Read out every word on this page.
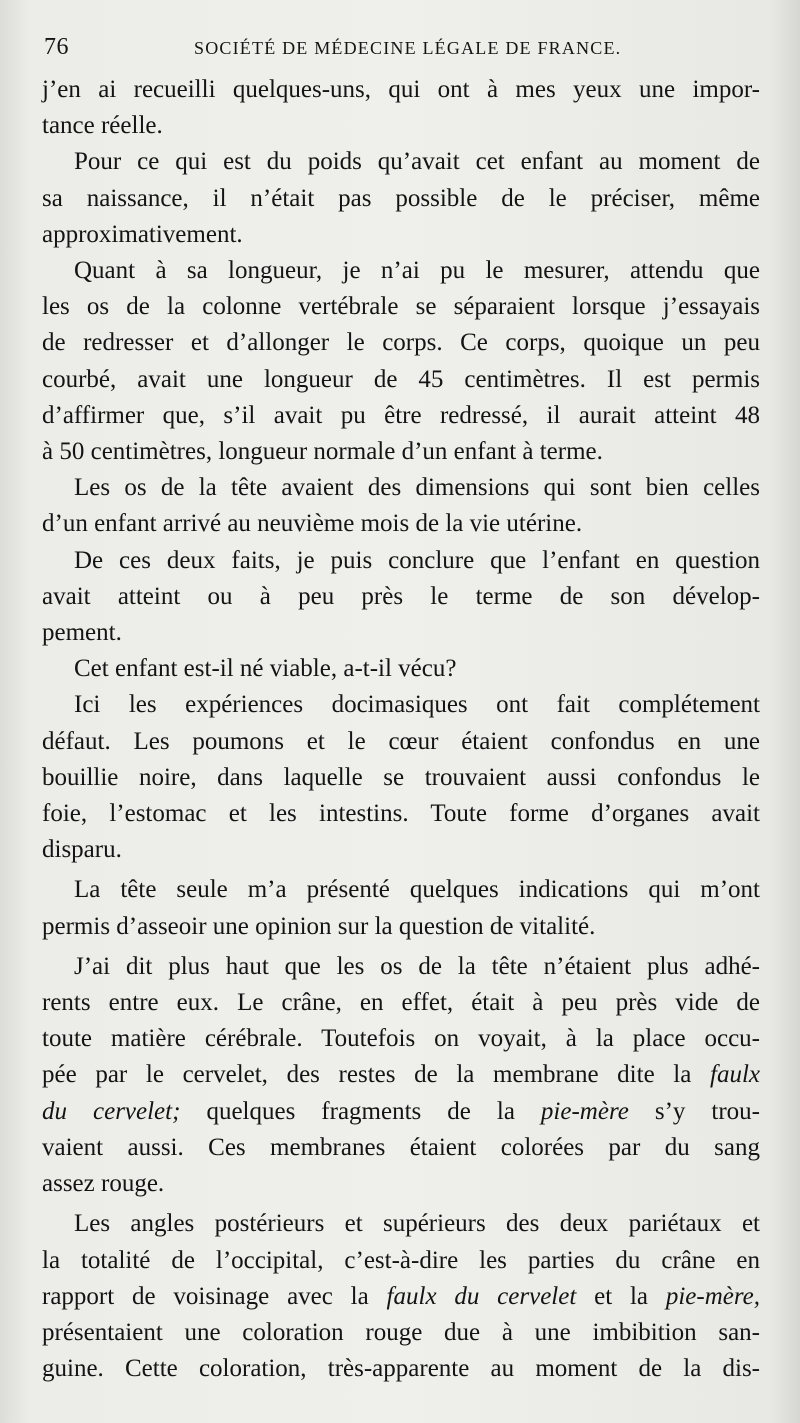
76	SOCIÉTÉ DE MÉDECINE LÉGALE DE FRANCE.

j’en ai recueilli quelques-uns, qui ont à mes yeux une impor-
tance réelle.

Pour ce qui est du poids qu’avait cet enfant au moment de
sa naissance, il n’était pas possible de le préciser, même
approximativement.

Quant à sa longueur, je n’ai pu le mesurer, attendu que
les os de la colonne vertébrale se séparaient lorsque j’essayais
de redresser et d’allonger le corps. Ce corps, quoique un peu
courbé, avait une longueur de 45 centimètres. Il est permis
d’affirmer que, s’il avait pu être redressé, il aurait atteint 48
à 50 centimètres, longueur normale d’un enfant à terme.

Les os de la tête avaient des dimensions qui sont bien celles
d’un enfant arrivé au neuvième mois de la vie utérine.

De ces deux faits, je puis conclure que l’enfant en question
avait atteint ou à peu près le terme de son dévelop-
pement.

Cet enfant est-il né viable, a-t-il vécu?

Ici les expériences docimasiques ont fait complétement
défaut. Les poumons et le cœur étaient confondus en une
bouillie noire, dans laquelle se trouvaient aussi confondus le
foie, l’estomac et les intestins. Toute forme d’organes avait
disparu.

La tête seule m’a présenté quelques indications qui m’ont
permis d’asseoir une opinion sur la question de vitalité.

J’ai dit plus haut que les os de la tête n’étaient plus adhé-
rents entre eux. Le crâne, en effet, était à peu près vide de
toute matière cérébrale. Toutefois on voyait, à la place occu-
pée par le cervelet, des restes de la membrane dite la faulx
du cervelet; quelques fragments de la pie-mère s’y trou-
vaient aussi. Ces membranes étaient colorées par du sang
assez rouge.

Les angles postérieurs et supérieurs des deux pariétaux et
la totalité de l’occipital, c’est-à-dire les parties du crâne en
rapport de voisinage avec la faulx du cervelet et la pie-mère,
présentaient une coloration rouge due à une imbibition san-
guine. Cette coloration, très-apparente au moment de la dis-
